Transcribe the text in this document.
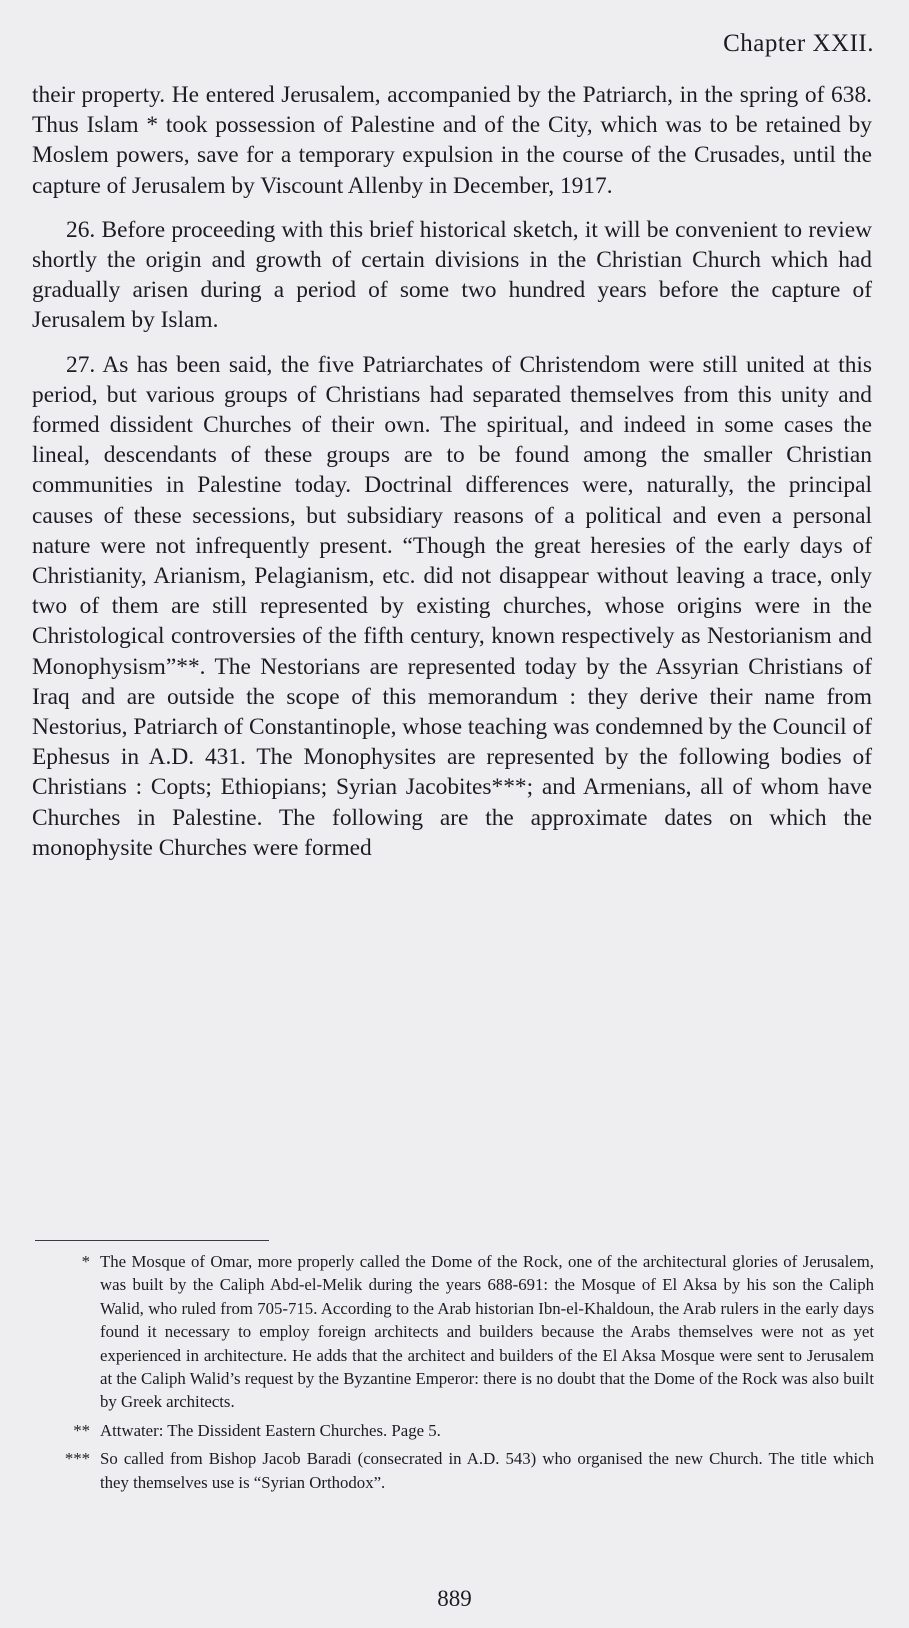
Chapter XXII.

their property. He entered Jerusalem, accompanied by the Patriarch, in the spring of 638. Thus Islam * took possession of Palestine and of the City, which was to be retained by Moslem powers, save for a temporary expulsion in the course of the Crusades, until the capture of Jerusalem by Viscount Allenby in December, 1917.

26. Before proceeding with this brief historical sketch, it will be convenient to review shortly the origin and growth of certain divisions in the Christian Church which had gradually arisen during a period of some two hundred years before the capture of Jerusalem by Islam.

27. As has been said, the five Patriarchates of Christendom were still united at this period, but various groups of Christians had separated themselves from this unity and formed dissident Churches of their own. The spiritual, and indeed in some cases the lineal, descendants of these groups are to be found among the smaller Christian communities in Palestine today. Doctrinal differences were, naturally, the principal causes of these secessions, but subsidiary reasons of a political and even a personal nature were not infrequently present. “Though the great heresies of the early days of Christianity, Arianism, Pelagianism, etc. did not disappear without leaving a trace, only two of them are still represented by existing churches, whose origins were in the Christological controversies of the fifth century, known respectively as Nestorianism and Monophysism”**. The Nestorians are represented today by the Assyrian Christians of Iraq and are outside the scope of this memorandum : they derive their name from Nestorius, Patriarch of Constantinople, whose teaching was condemned by the Council of Ephesus in A.D. 431. The Monophysites are represented by the following bodies of Christians : Copts; Ethiopians; Syrian Jacobites***; and Armenians, all of whom have Churches in Palestine. The following are the approximate dates on which the monophysite Churches were formed

* The Mosque of Omar, more properly called the Dome of the Rock, one of the architectural glories of Jerusalem, was built by the Caliph Abd-el-Melik during the years 688-691: the Mosque of El Aksa by his son the Caliph Walid, who ruled from 705-715. According to the Arab historian Ibn-el-Khaldoun, the Arab rulers in the early days found it necessary to employ foreign architects and builders because the Arabs themselves were not as yet experienced in architecture. He adds that the architect and builders of the El Aksa Mosque were sent to Jerusalem at the Caliph Walid’s request by the Byzantine Emperor: there is no doubt that the Dome of the Rock was also built by Greek architects.
** Attwater: The Dissident Eastern Churches. Page 5.
*** So called from Bishop Jacob Baradi (consecrated in A.D. 543) who organised the new Church. The title which they themselves use is “Syrian Orthodox”.
889
